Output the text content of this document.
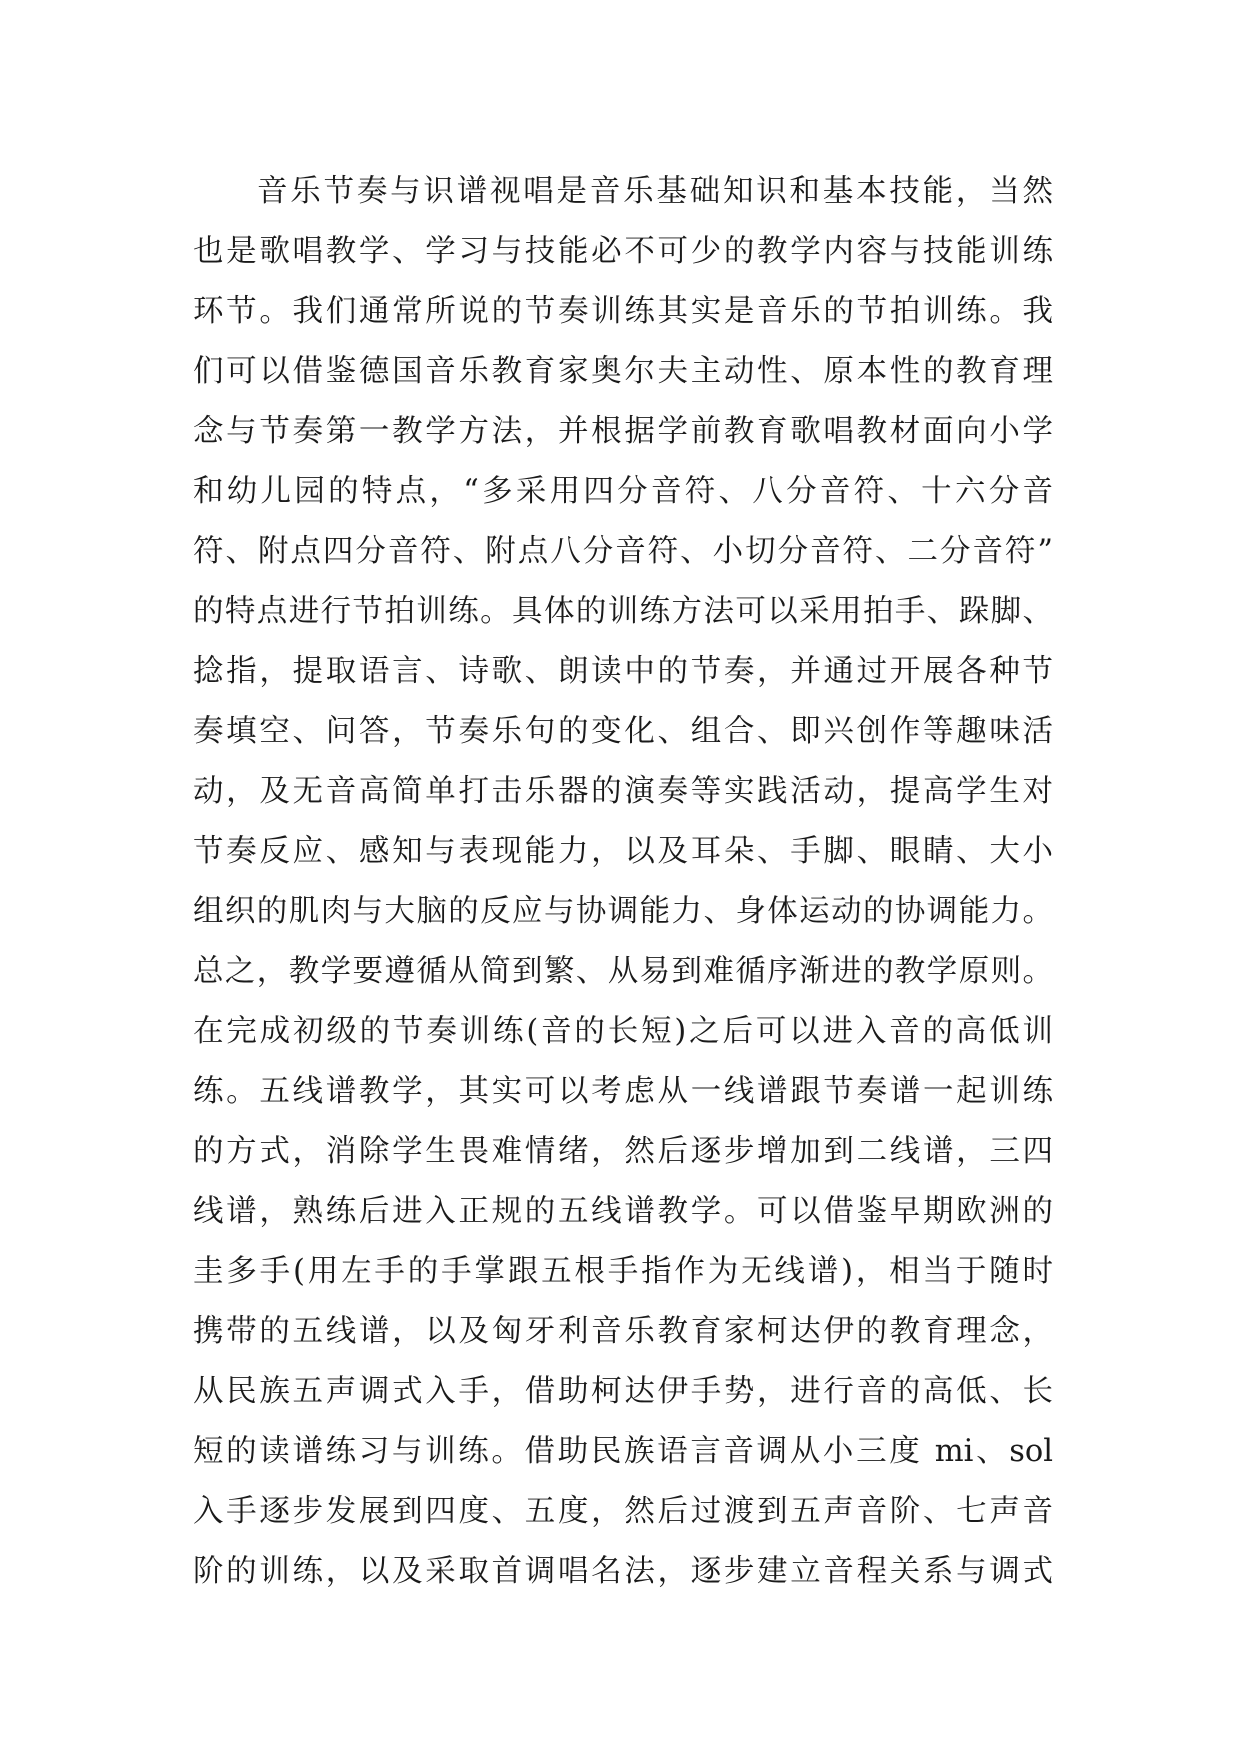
音乐节奏与识谱视唱是音乐基础知识和基本技能，当然
也是歌唱教学、学习与技能必不可少的教学内容与技能训练
环节。我们通常所说的节奏训练其实是音乐的节拍训练。我
们可以借鉴德国音乐教育家奥尔夫主动性、原本性的教育理
念与节奏第一教学方法，并根据学前教育歌唱教材面向小学
和幼儿园的特点，“多采用四分音符、八分音符、十六分音
符、附点四分音符、附点八分音符、小切分音符、二分音符”
的特点进行节拍训练。具体的训练方法可以采用拍手、跺脚、
捻指，提取语言、诗歌、朗读中的节奏，并通过开展各种节
奏填空、问答，节奏乐句的变化、组合、即兴创作等趣味活
动，及无音高简单打击乐器的演奏等实践活动，提高学生对
节奏反应、感知与表现能力，以及耳朵、手脚、眼睛、大小
组织的肌肉与大脑的反应与协调能力、身体运动的协调能力。
总之，教学要遵循从简到繁、从易到难循序渐进的教学原则。
在完成初级的节奏训练(音的长短)之后可以进入音的高低训
练。五线谱教学，其实可以考虑从一线谱跟节奏谱一起训练
的方式，消除学生畏难情绪，然后逐步增加到二线谱，三四
线谱，熟练后进入正规的五线谱教学。可以借鉴早期欧洲的
圭多手(用左手的手掌跟五根手指作为无线谱)，相当于随时
携带的五线谱，以及匈牙利音乐教育家柯达伊的教育理念，
从民族五声调式入手，借助柯达伊手势，进行音的高低、长
短的读谱练习与训练。借助民族语言音调从小三度 mi、sol
入手逐步发展到四度、五度，然后过渡到五声音阶、七声音
阶的训练，以及采取首调唱名法，逐步建立音程关系与调式
